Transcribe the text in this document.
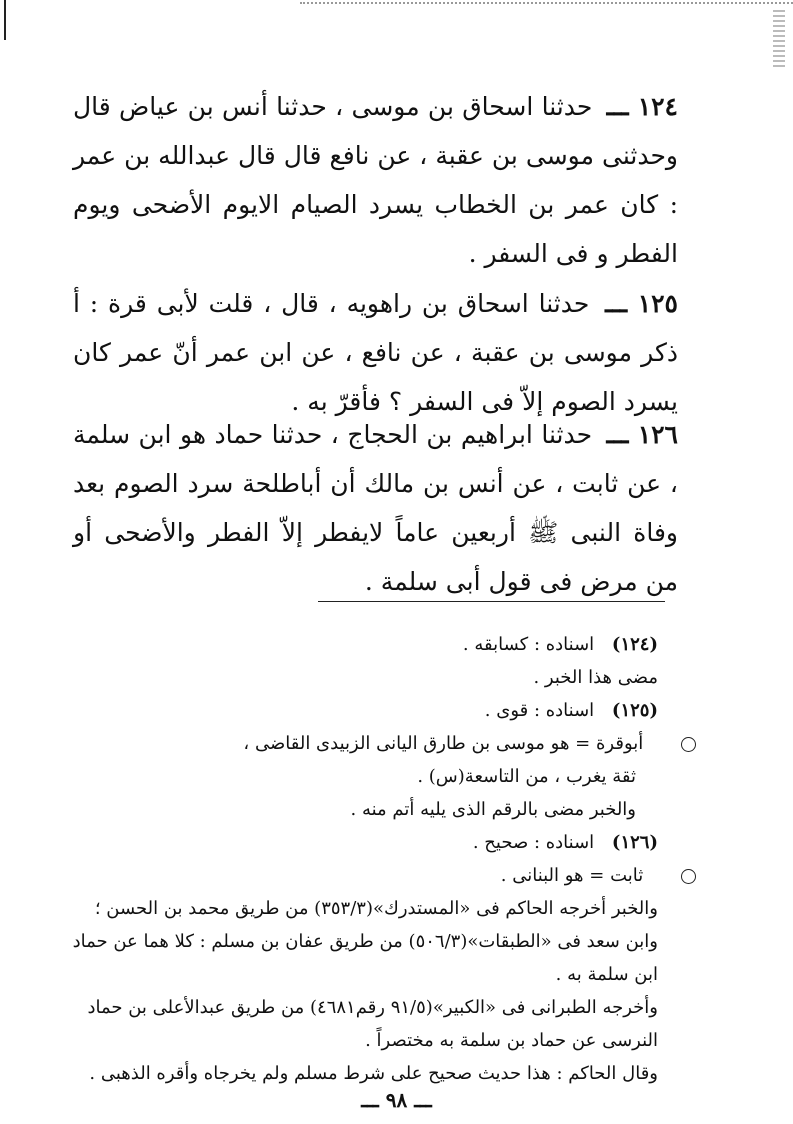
١٢٤ ـــ حدثنا اسحاق بن موسى ، حدثنا أنس بن عياض قال وحدثنى موسى بن عقبة ، عن نافع قال قال عبدالله بن عمر : كان عمر بن الخطاب يسرد الصيام الايوم الأضحى ويوم الفطر و فى السفر .
١٢٥ ـــ حدثنا اسحاق بن راهويه ، قال ، قلت لأبى قرة : أ ذكر موسى بن عقبة ، عن نافع ، عن ابن عمر أنّ عمر كان يسرد الصوم إلاّ فى السفر ؟ فأقرّ به .
١٢٦ ـــ حدثنا ابراهيم بن الحجاج ، حدثنا حماد هو ابن سلمة ، عن ثابت ، عن أنس بن مالك أن أباطلحة سرد الصوم بعد وفاة النبى ﷺ أربعين عاماً لايفطر إلاّ الفطر والأضحى أو من مرض فى قول أبى سلمة .
(١٢٤) اسناده : كسابقه .
مضى هذا الخبر .
(١٢٥) اسناده : قوى .
أبوقرة = هو موسى بن طارق اليانى الزبيدى القاضى ،
ثقة يغرب ، من التاسعة(س) .
والخبر مضى بالرقم الذى يليه أتم منه .
(١٢٦) اسناده : صحيح .
ثابت = هو البنانى .
والخبر أخرجه الحاكم فى «المستدرك»(٣٥٣/٣) من طريق محمد بن الحسن ؛
وابن سعد فى «الطبقات»(٥٠٦/٣) من طريق عفان بن مسلم : كلا هما عن حماد
ابن سلمة به .
وأخرجه الطبرانى فى «الكبير»(٩١/٥ رقم٤٦٨١) من طريق عبدالأعلى بن حماد
النرسى عن حماد بن سلمة به مختصراً .
وقال الحاكم : هذا حديث صحيح على شرط مسلم ولم يخرجاه وأقره الذهبى .
ـــ ٩٨ ـــ
